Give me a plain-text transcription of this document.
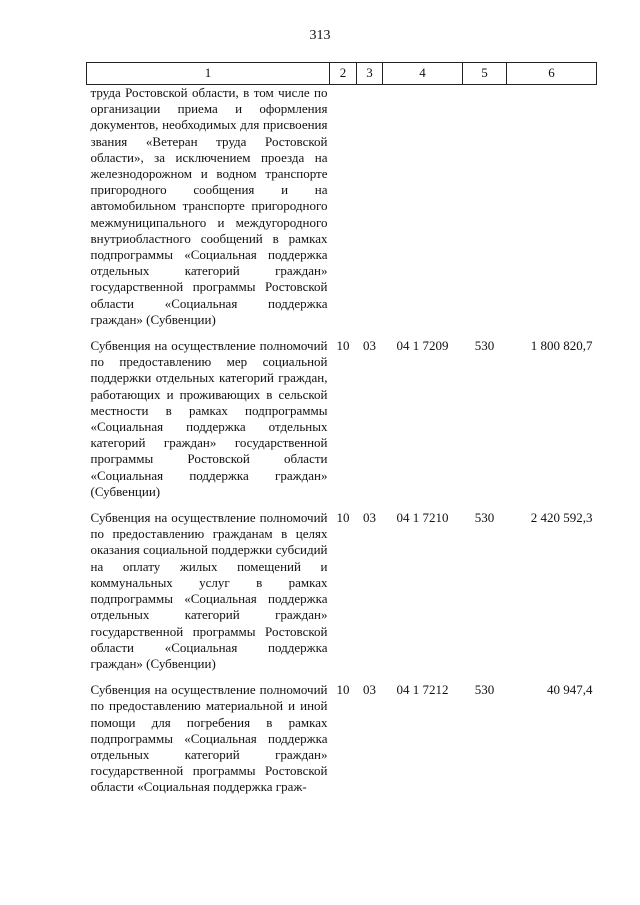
313
1	2	3	4	5	6
труда Ростовской области, в том числе по организации приема и оформления документов, необходимых для присвоения звания «Ветеран труда Ростовской области», за исключением проезда на железнодорожном и водном транспорте пригородного сообщения и на автомобильном транспорте пригородного межмуниципального и междугородного внутриобластного сообщений в рамках подпрограммы «Социальная поддержка отдельных категорий граждан» государственной программы Ростовской области «Социальная поддержка граждан» (Субвенции)					
Субвенция на осуществление полномочий по предоставлению мер социальной поддержки отдельных категорий граждан, работающих и проживающих в сельской местности в рамках подпрограммы «Социальная поддержка отдельных категорий граждан» государственной программы Ростовской области «Социальная поддержка граждан» (Субвенции)	10	03	04 1 7209	530	1 800 820,7
Субвенция на осуществление полномочий по предоставлению гражданам в целях оказания социальной поддержки субсидий на оплату жилых помещений и коммунальных услуг в рамках подпрограммы «Социальная поддержка отдельных категорий граждан» государственной программы Ростовской области «Социальная поддержка граждан» (Субвенции)	10	03	04 1 7210	530	2 420 592,3
Субвенция на осуществление полномочий по предоставлению материальной и иной помощи для погребения в рамках подпрограммы «Социальная поддержка отдельных категорий граждан» государственной программы Ростовской области «Социальная поддержка граж-	10	03	04 1 7212	530	40 947,4
